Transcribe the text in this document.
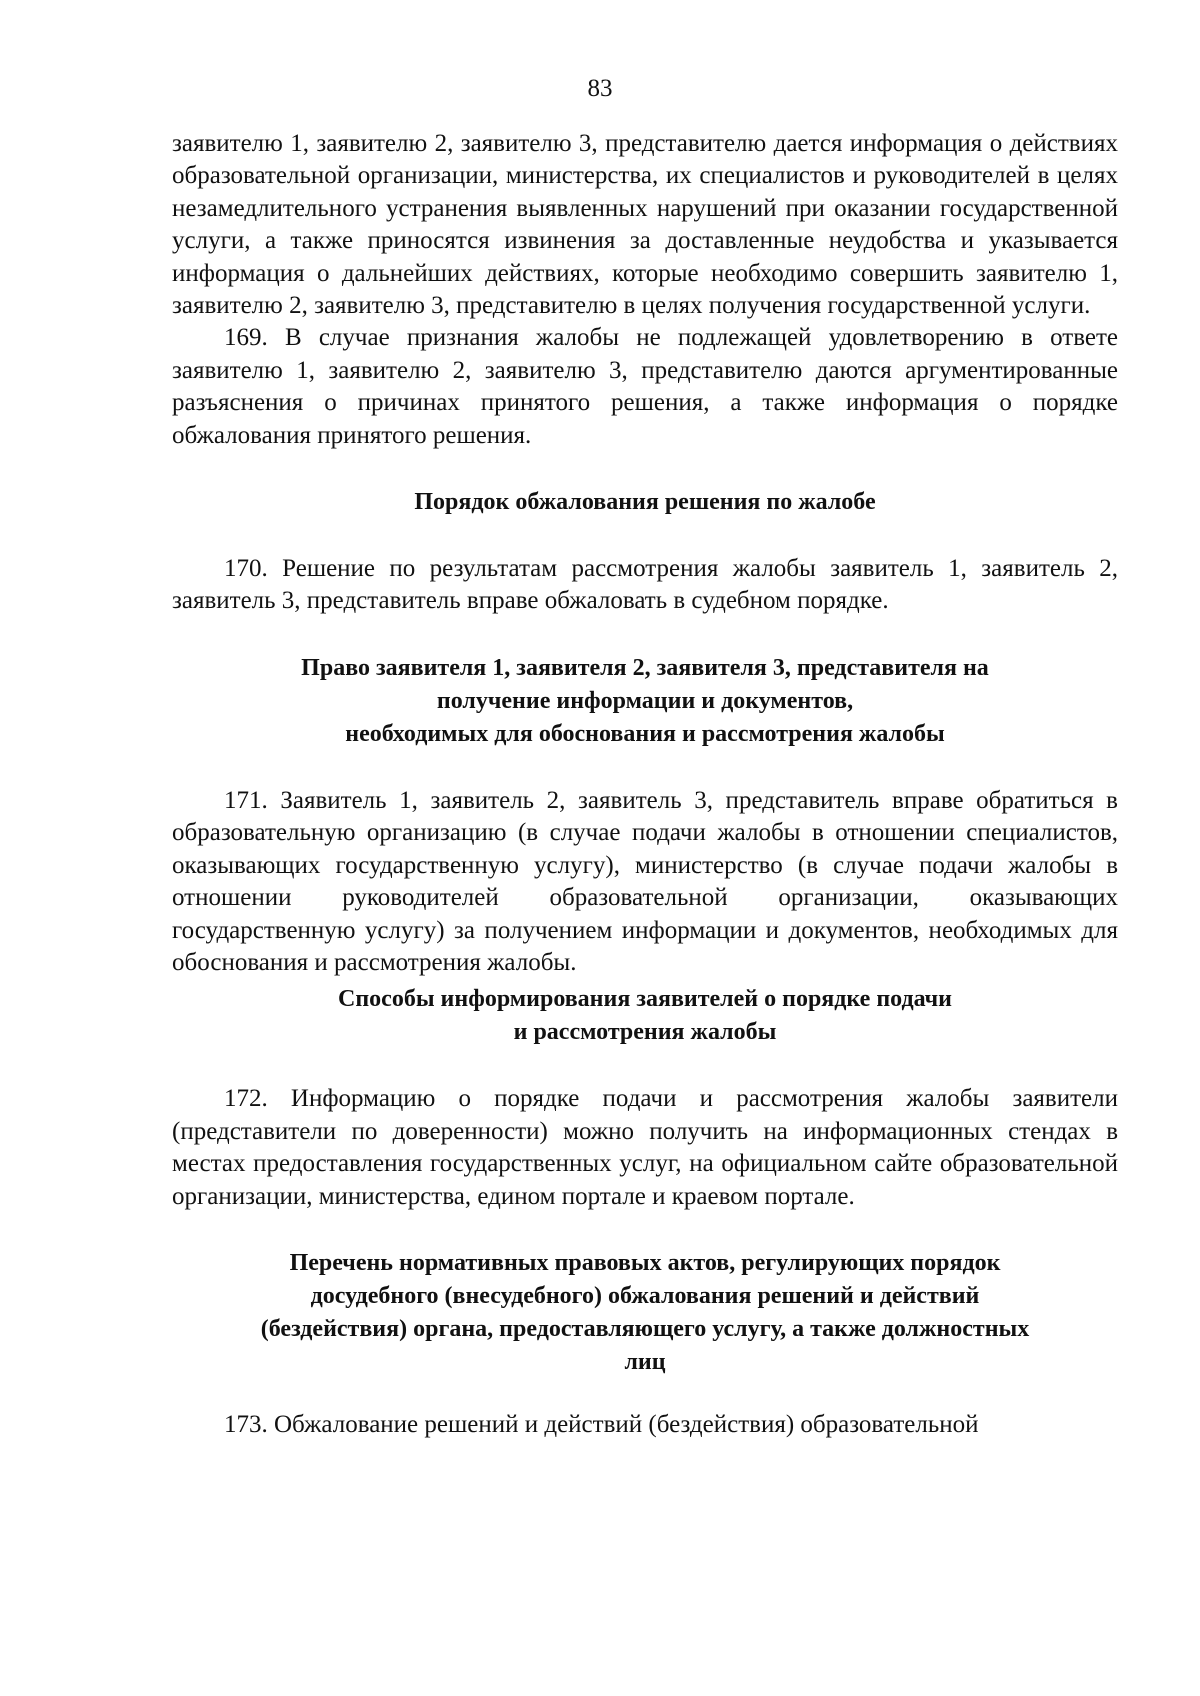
83

заявителю 1, заявителю 2, заявителю 3, представителю дается информация о действиях образовательной организации, министерства, их специалистов и руководителей в целях незамедлительного устранения выявленных нарушений при оказании государственной услуги, а также приносятся извинения за доставленные неудобства и указывается информация о дальнейших действиях, которые необходимо совершить заявителю 1, заявителю 2, заявителю 3, представителю в целях получения государственной услуги.

169. В случае признания жалобы не подлежащей удовлетворению в ответе заявителю 1, заявителю 2, заявителю 3, представителю даются аргументированные разъяснения о причинах принятого решения, а также информация о порядке обжалования принятого решения.

Порядок обжалования решения по жалобе

170. Решение по результатам рассмотрения жалобы заявитель 1, заявитель 2, заявитель 3, представитель вправе обжаловать в судебном порядке.

Право заявителя 1, заявителя 2, заявителя 3, представителя на

получение информации и документов,

необходимых для обоснования и рассмотрения жалобы

171. Заявитель 1, заявитель 2, заявитель 3, представитель вправе обратиться в образовательную организацию (в случае подачи жалобы в отношении специалистов, оказывающих государственную услугу), министерство (в случае подачи жалобы в отношении руководителей образовательной организации, оказывающих государственную услугу) за получением информации и документов, необходимых для обоснования и рассмотрения жалобы.

Способы информирования заявителей о порядке подачи

и рассмотрения жалобы

172. Информацию о порядке подачи и рассмотрения жалобы заявители (представители по доверенности) можно получить на информационных стендах в местах предоставления государственных услуг, на официальном сайте образовательной организации, министерства, едином портале и краевом портале.

Перечень нормативных правовых актов, регулирующих порядок

досудебного (внесудебного) обжалования решений и действий

(бездействия) органа, предоставляющего услугу, а также должностных

лиц

173. Обжалование решений и действий (бездействия) образовательной
